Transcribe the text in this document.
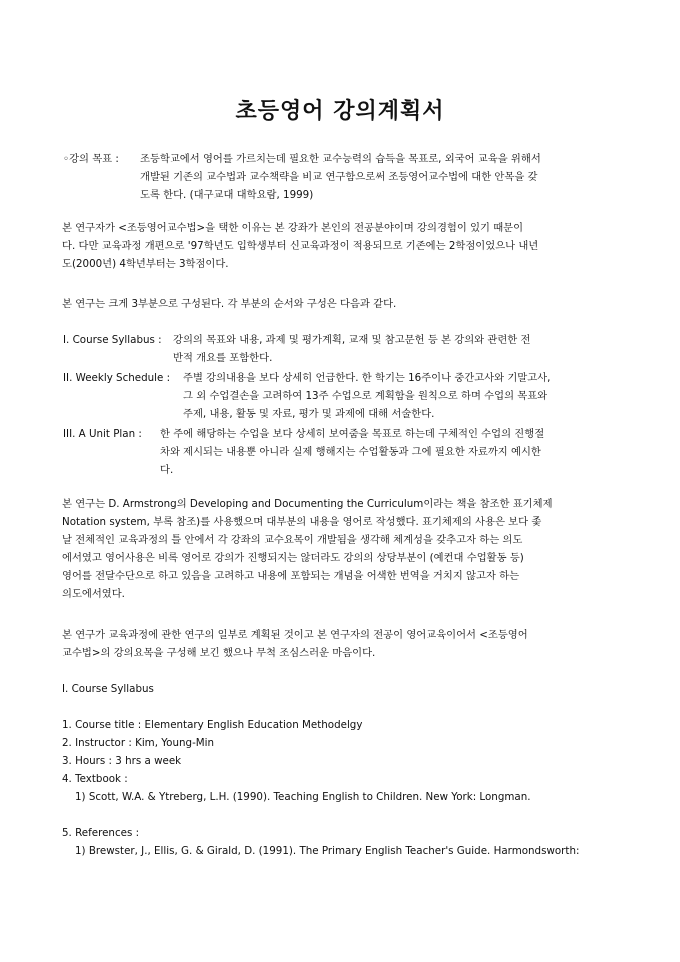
초등영어 강의계획서
◦강의 목표 : 조등학교에서 영어를 가르치는데 필요한 교수능력의 습득을 목표로, 외국어 교육을 위해서
개발된 기존의 교수법과 교수책략을 비교 연구함으로써 조등영어교수법에 대한 안목을 갖
도록 한다. (대구교대 대학요람, 1999)
본 연구자가 <조등영어교수법>을 택한 이유는 본 강좌가 본인의 전공분야이며 강의경험이 있기 때문이
다. 다만 교육과정 개편으로 '97학년도 입학생부터 신교육과정이 적용되므로 기존에는 2학점이었으나 내년
도(2000년) 4학년부터는 3학점이다.
본 연구는 크게 3부분으로 구성된다. 각 부분의 순서와 구성은 다음과 같다.
I. Course Syllabus : 강의의 목표와 내용, 과제 및 평가계획, 교재 및 참고문헌 등 본 강의와 관련한 전
반적 개요를 포함한다.
II. Weekly Schedule : 주별 강의내용을 보다 상세히 언급한다. 한 학기는 16주이나 중간고사와 기말고사,
그 외 수업결손을 고려하여 13주 수업으로 계획함을 원칙으로 하며 수업의 목표와
주제, 내용, 활동 및 자료, 평가 및 과제에 대해 서술한다.
III. A Unit Plan : 한 주에 해당하는 수업을 보다 상세히 보여줌을 목표로 하는데 구체적인 수업의 진행절
차와 제시되는 내용뿐 아니라 실제 행해지는 수업활동과 그에 필요한 자료까지 예시한
다.
본 연구는 D. Armstrong의 Developing and Documenting the Curriculum이라는 책을 참조한 표기체제
Notation system, 부록 참조)를 사용했으며 대부분의 내용을 영어로 작성했다. 표기체제의 사용은 보다 좇
날 전체적인 교육과정의 틀 안에서 각 강좌의 교수요목이 개발됨을 생각해 체계성을 갖추고자 하는 의도
에서였고 영어사용은 비록 영어로 강의가 진행되지는 않더라도 강의의 상당부분이 (예컨대 수업활동 등)
영어를 전달수단으로 하고 있음을 고려하고 내용에 포함되는 개념을 어색한 번역을 거치지 않고자 하는
의도에서였다.
본 연구가 교육과정에 관한 연구의 일부로 계획된 것이고 본 연구자의 전공이 영어교육이어서 <조등영어
교수법>의 강의요목을 구성해 보긴 했으나 무척 조심스러운 마음이다.
I. Course Syllabus
1. Course title : Elementary English Education Methodelgy
2. Instructor : Kim, Young-Min
3. Hours : 3 hrs a week
4. Textbook :
1) Scott, W.A. & Ytreberg, L.H. (1990). Teaching English to Children. New York: Longman.
5. References :
1) Brewster, J., Ellis, G. & Girald, D. (1991). The Primary English Teacher's Guide. Harmondsworth:
